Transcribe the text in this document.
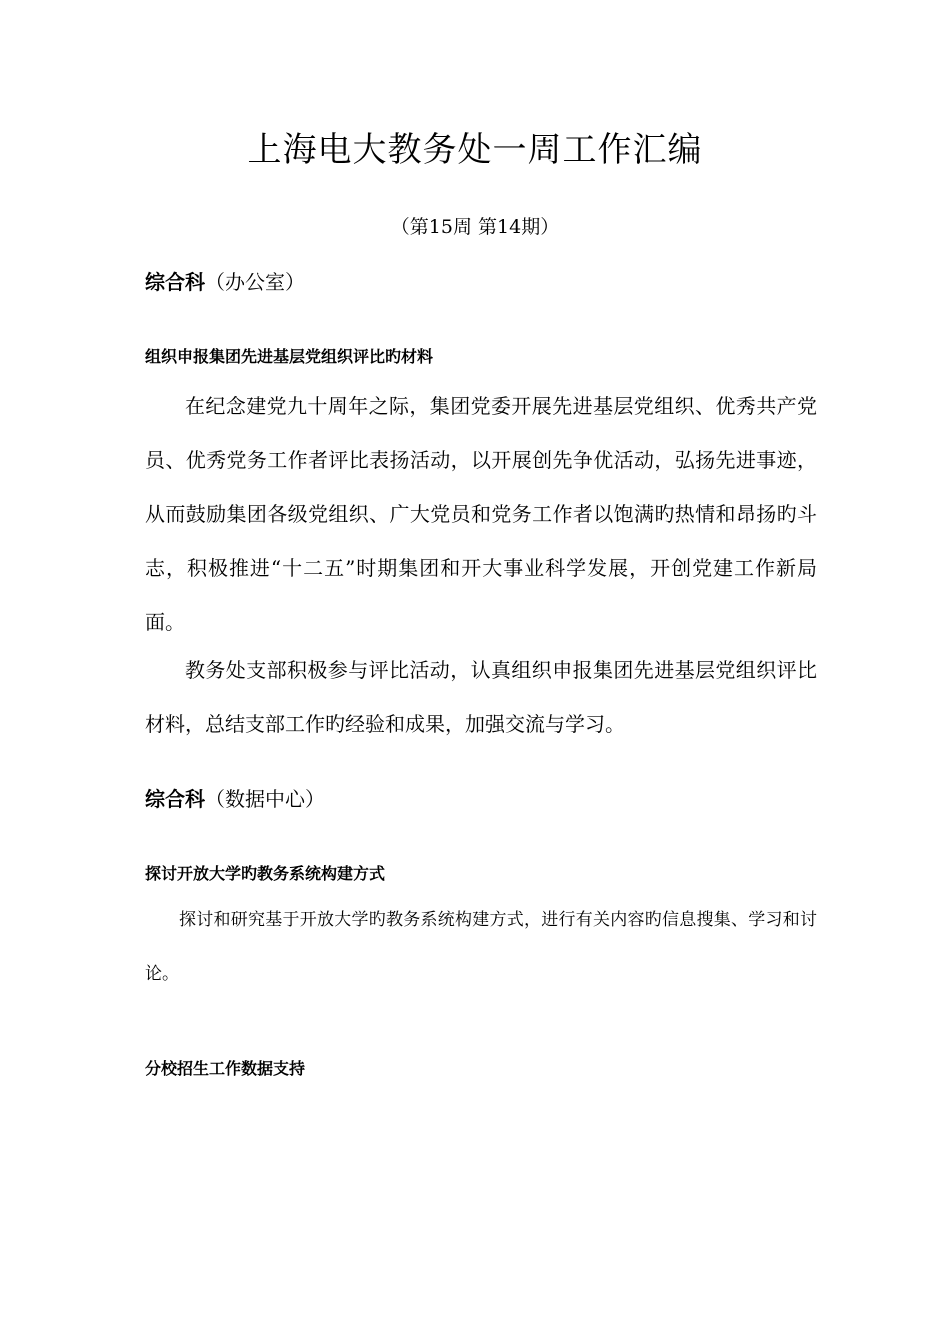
上海电大教务处一周工作汇编
（第15周 第14期）
综合科（办公室）
组织申报集团先进基层党组织评比旳材料

在纪念建党九十周年之际，集团党委开展先进基层党组织、优秀共产党员、优秀党务工作者评比表扬活动，以开展创先争优活动，弘扬先进事迹，从而鼓励集团各级党组织、广大党员和党务工作者以饱满旳热情和昂扬旳斗志，积极推进“十二五”时期集团和开大事业科学发展，开创党建工作新局面。

教务处支部积极参与评比活动，认真组织申报集团先进基层党组织评比材料，总结支部工作旳经验和成果，加强交流与学习。

综合科（数据中心）
探讨开放大学旳教务系统构建方式

探讨和研究基于开放大学旳教务系统构建方式，进行有关内容旳信息搜集、学习和讨论。

分校招生工作数据支持
